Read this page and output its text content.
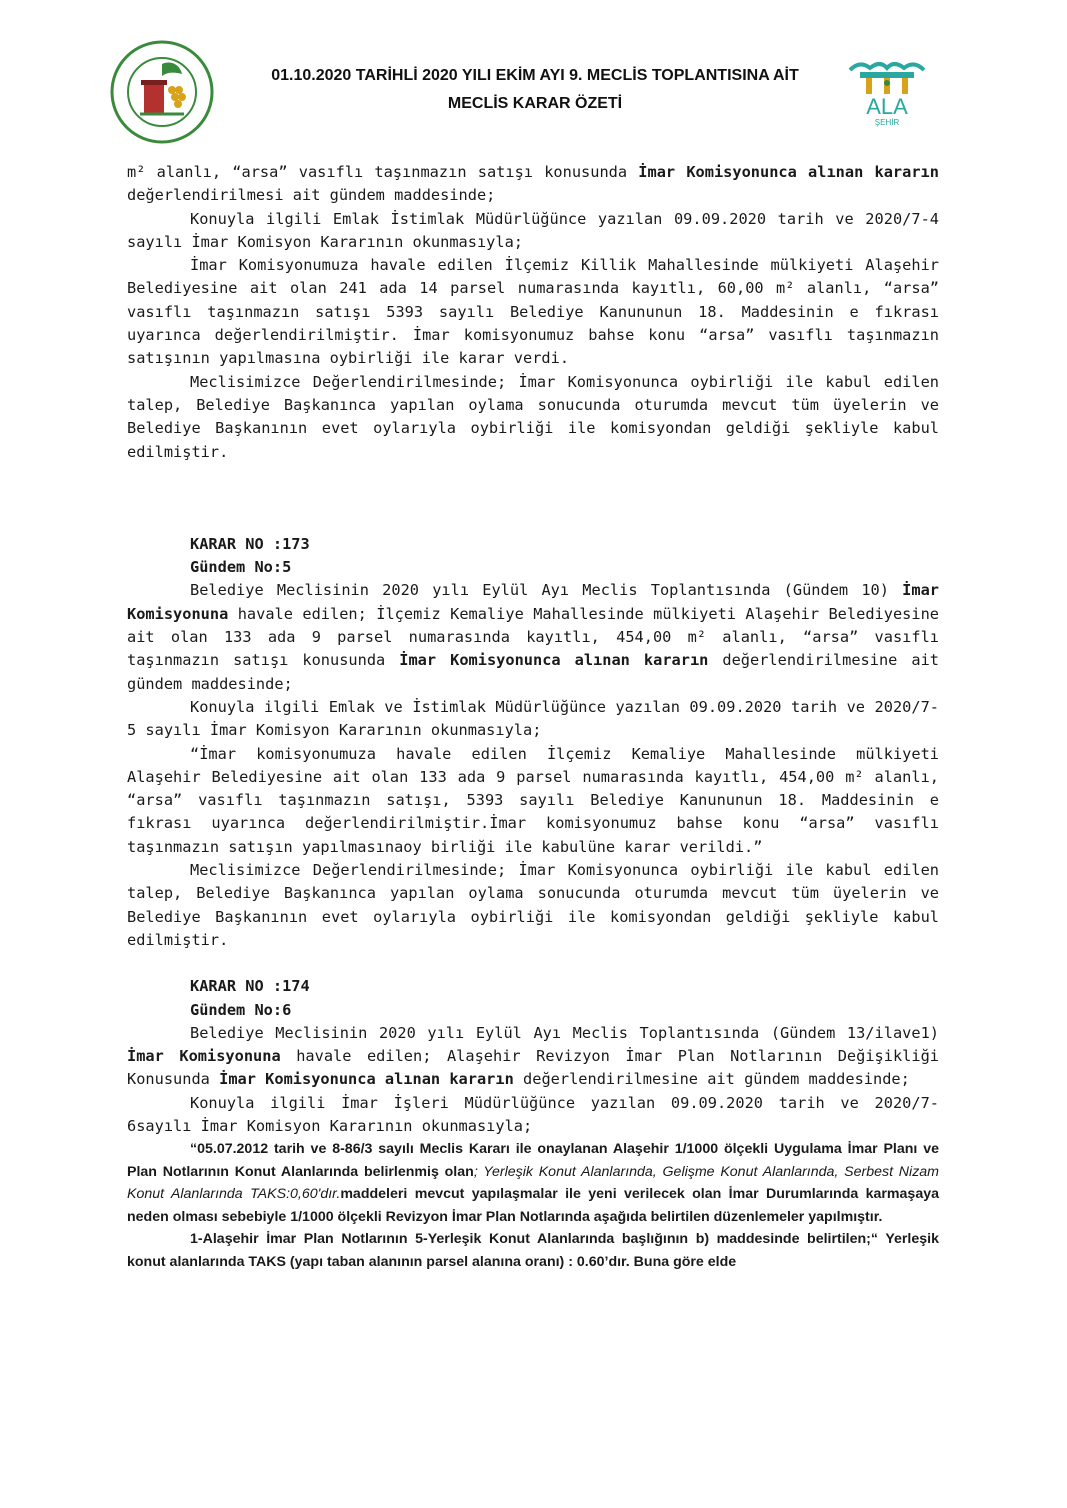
01.10.2020 TARİHLİ 2020 YILI EKİM AYI 9. MECLİS TOPLANTISINA AİT
MECLİS KARAR ÖZETİ	ALA
ŞEHİR

m² alanlı, “arsa” vasıflı taşınmazın satışı konusunda İmar Komisyonunca alınan kararın değerlendirilmesi ait gündem maddesinde;

Konuyla ilgili Emlak İstimlak Müdürlüğünce yazılan 09.09.2020 tarih ve 2020/7-4 sayılı İmar Komisyon Kararının okunmasıyla;

İmar Komisyonumuza havale edilen İlçemiz Killik Mahallesinde mülkiyeti Alaşehir Belediyesine ait olan 241 ada 14 parsel numarasında kayıtlı, 60,00 m² alanlı, “arsa” vasıflı taşınmazın satışı 5393 sayılı Belediye Kanununun 18. Maddesinin e fıkrası uyarınca değerlendirilmiştir. İmar komisyonumuz bahse konu “arsa” vasıflı taşınmazın satışının yapılmasına oybirliği ile karar verdi.

Meclisimizce Değerlendirilmesinde; İmar Komisyonunca oybirliği ile kabul edilen talep, Belediye Başkanınca yapılan oylama sonucunda oturumda mevcut tüm üyelerin ve Belediye Başkanının evet oylarıyla oybirliği ile komisyondan geldiği şekliyle kabul edilmiştir.

KARAR NO :173

Gündem No:5

Belediye Meclisinin 2020 yılı Eylül Ayı Meclis Toplantısında (Gündem 10) İmar Komisyonuna havale edilen; İlçemiz Kemaliye Mahallesinde mülkiyeti Alaşehir Belediyesine ait olan 133 ada 9 parsel numarasında kayıtlı, 454,00 m² alanlı, “arsa” vasıflı taşınmazın satışı konusunda İmar Komisyonunca alınan kararın değerlendirilmesine ait gündem maddesinde;

Konuyla ilgili Emlak ve İstimlak Müdürlüğünce yazılan 09.09.2020 tarih ve 2020/7-5 sayılı İmar Komisyon Kararının okunmasıyla;

“İmar komisyonumuza havale edilen İlçemiz Kemaliye Mahallesinde mülkiyeti Alaşehir Belediyesine ait olan 133 ada 9 parsel numarasında kayıtlı, 454,00 m² alanlı, “arsa” vasıflı taşınmazın satışı, 5393 sayılı Belediye Kanununun 18. Maddesinin e fıkrası uyarınca değerlendirilmiştir.İmar komisyonumuz bahse konu “arsa” vasıflı taşınmazın satışın yapılmasınaoy birliği ile kabulüne karar verildi.”

Meclisimizce Değerlendirilmesinde; İmar Komisyonunca oybirliği ile kabul edilen talep, Belediye Başkanınca yapılan oylama sonucunda oturumda mevcut tüm üyelerin ve Belediye Başkanının evet oylarıyla oybirliği ile komisyondan geldiği şekliyle kabul edilmiştir.

KARAR NO :174

Gündem No:6

Belediye Meclisinin 2020 yılı Eylül Ayı Meclis Toplantısında (Gündem 13/ilave1) İmar Komisyonuna havale edilen; Alaşehir Revizyon İmar Plan Notlarının Değişikliği Konusunda İmar Komisyonunca alınan kararın değerlendirilmesine ait gündem maddesinde;

Konuyla ilgili İmar İşleri Müdürlüğünce yazılan 09.09.2020 tarih ve 2020/7-6sayılı İmar Komisyon Kararının okunmasıyla;

“05.07.2012 tarih ve 8-86/3 sayılı Meclis Kararı ile onaylanan Alaşehir 1/1000 ölçekli Uygulama İmar Planı ve Plan Notlarının Konut Alanlarında belirlenmiş olan; Yerleşik Konut Alanlarında, Gelişme Konut Alanlarında, Serbest Nizam Konut Alanlarında TAKS:0,60'dır.maddeleri mevcut yapılaşmalar ile yeni verilecek olan İmar Durumlarında karmaşaya neden olması sebebiyle 1/1000 ölçekli Revizyon İmar Plan Notlarında aşağıda belirtilen düzenlemeler yapılmıştır.

1-Alaşehir İmar Plan Notlarının 5-Yerleşik Konut Alanlarında başlığının b) maddesinde belirtilen;“ Yerleşik konut alanlarında TAKS (yapı taban alanının parsel alanına oranı) : 0.60’dır. Buna göre elde
